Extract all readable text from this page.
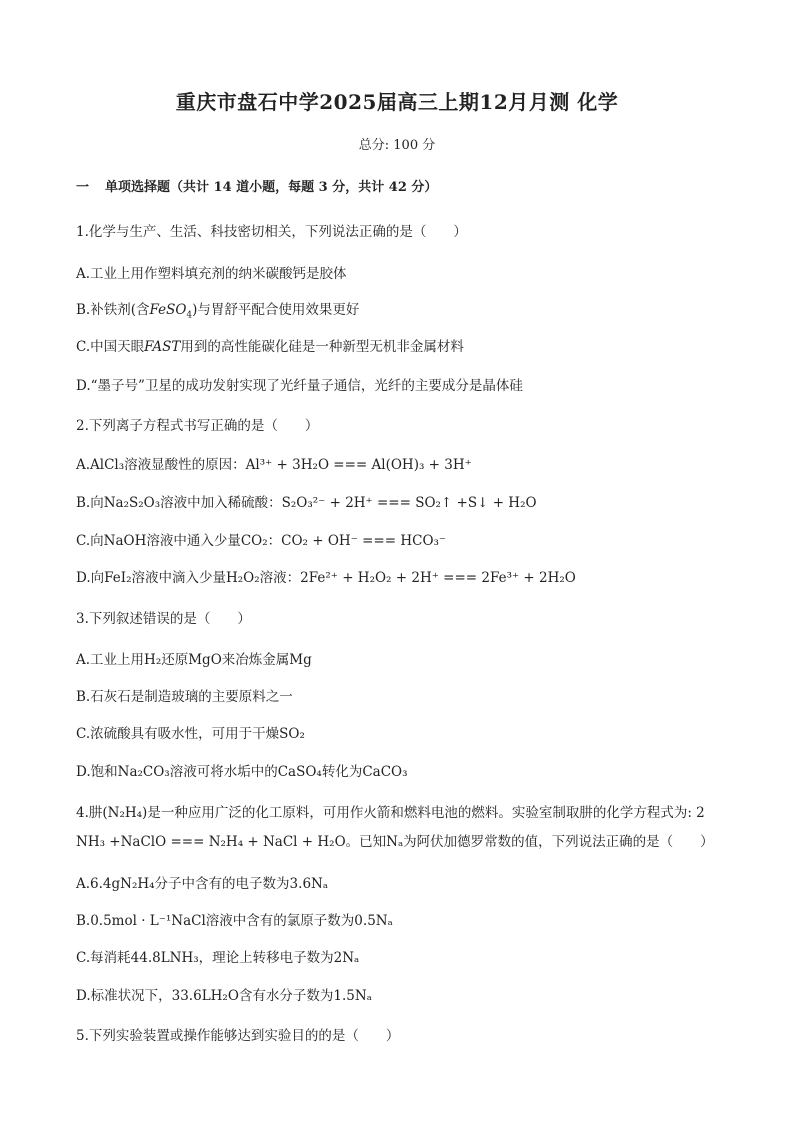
重庆市盘石中学2025届高三上期12月月测 化学
总分: 100 分
一 单项选择题（共计 14 道小题，每题 3 分，共计 42 分）
1.化学与生产、生活、科技密切相关，下列说法正确的是（　　）
A.工业上用作塑料填充剂的纳米碳酸钙是胶体
B.补铁剂(含FeSO$_4$)与胃舒平配合使用效果更好
C.中国天眼FAST用到的高性能碳化硅是一种新型无机非金属材料
D.“墨子号”卫星的成功发射实现了光纤量子通信，光纤的主要成分是晶体硅
2.下列离子方程式书写正确的是（　　）
A.AlCl₃溶液显酸性的原因：Al³⁺ + 3H₂O === Al(OH)₃ + 3H⁺
B.向Na₂S₂O₃溶液中加入稀硫酸：S₂O₃²⁻ + 2H⁺ === SO₂↑ +S↓ + H₂O
C.向NaOH溶液中通入少量CO₂：CO₂ + OH⁻ === HCO₃⁻
D.向FeI₂溶液中滴入少量H₂O₂溶液：2Fe²⁺ + H₂O₂ + 2H⁺ === 2Fe³⁺ + 2H₂O
3.下列叙述错误的是（　　）
A.工业上用H₂还原MgO来冶炼金属Mg
B.石灰石是制造玻璃的主要原料之一
C.浓硫酸具有吸水性，可用于干燥SO₂
D.饱和Na₂CO₃溶液可将水垢中的CaSO₄转化为CaCO₃
4.肼(N₂H₄)是一种应用广泛的化工原料，可用作火箭和燃料电池的燃料。实验室制取肼的化学方程式为: 2
NH₃ +NaClO === N₂H₄ + NaCl + H₂O。已知Nₐ为阿伏加德罗常数的值，下列说法正确的是（　　）
A.6.4gN₂H₄分子中含有的电子数为3.6Nₐ
B.0.5mol · L⁻¹NaCl溶液中含有的氯原子数为0.5Nₐ
C.每消耗44.8LNH₃，理论上转移电子数为2Nₐ
D.标准状况下，33.6LH₂O含有水分子数为1.5Nₐ
5.下列实验装置或操作能够达到实验目的的是（　　）
